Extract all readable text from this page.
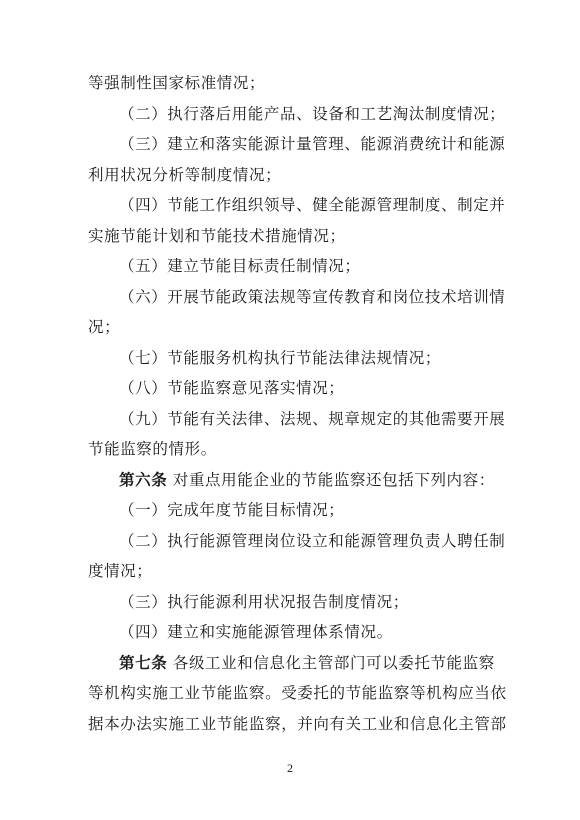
等强制性国家标准情况；
（二）执行落后用能产品、设备和工艺淘汰制度情况；
（三）建立和落实能源计量管理、能源消费统计和能源
利用状况分析等制度情况；
（四）节能工作组织领导、健全能源管理制度、制定并
实施节能计划和节能技术措施情况；
（五）建立节能目标责任制情况；
（六）开展节能政策法规等宣传教育和岗位技术培训情
况；
（七）节能服务机构执行节能法律法规情况；
（八）节能监察意见落实情况；
（九）节能有关法律、法规、规章规定的其他需要开展
节能监察的情形。
第六条 对重点用能企业的节能监察还包括下列内容：
（一）完成年度节能目标情况；
（二）执行能源管理岗位设立和能源管理负责人聘任制
度情况；
（三）执行能源利用状况报告制度情况；
（四）建立和实施能源管理体系情况。
第七条 各级工业和信息化主管部门可以委托节能监察
等机构实施工业节能监察。受委托的节能监察等机构应当依
据本办法实施工业节能监察，并向有关工业和信息化主管部
2
